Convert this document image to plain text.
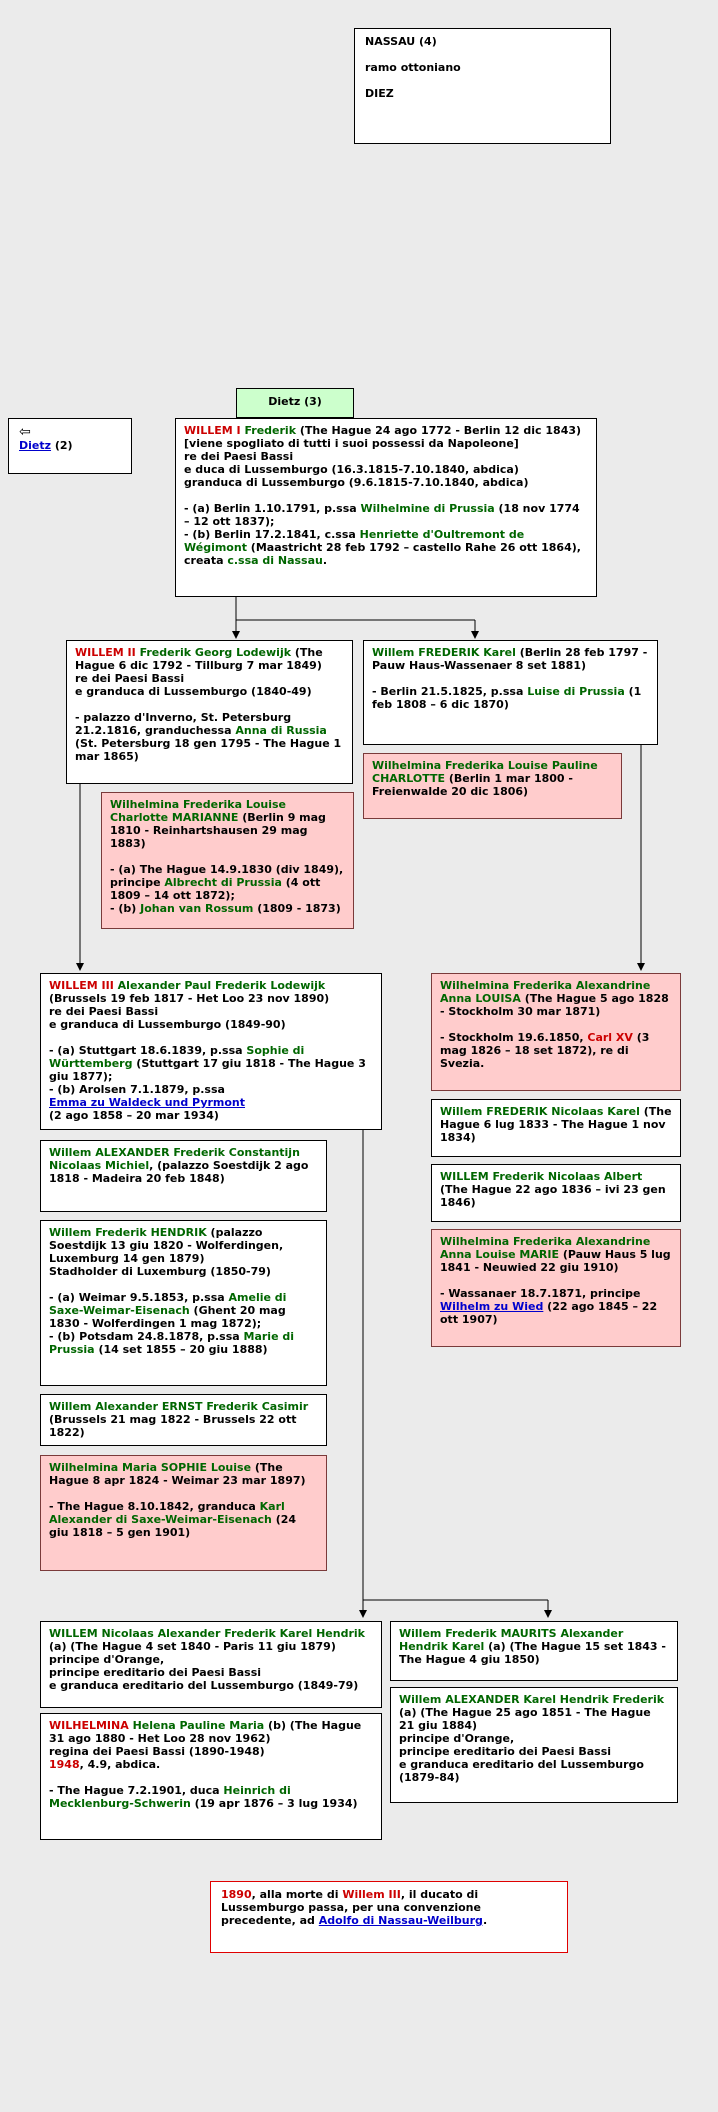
NASSAU (4)
ramo ottoniano
DIEZ
Dietz (3)
⇦
Dietz (2)
WILLEM I Frederik (The Hague 24 ago 1772 - Berlin 12 dic 1843)
[viene spogliato di tutti i suoi possessi da Napoleone]
re dei Paesi Bassi
e duca di Lussemburgo (16.3.1815-7.10.1840, abdica)
granduca di Lussemburgo (9.6.1815-7.10.1840, abdica)
- (a) Berlin 1.10.1791, p.ssa Wilhelmine di Prussia (18 nov 1774 – 12 ott 1837);
- (b) Berlin 17.2.1841, c.ssa Henriette d'Oultremont de Wégimont (Maastricht 28 feb 1792 – castello Rahe 26 ott 1864), creata c.ssa di Nassau.
WILLEM II Frederik Georg Lodewijk (The Hague 6 dic 1792 - Tillburg 7 mar 1849)
re dei Paesi Bassi
e granduca di Lussemburgo (1840-49)
- palazzo d'Inverno, St. Petersburg 21.2.1816, granduchessa Anna di Russia (St. Petersburg 18 gen 1795 - The Hague 1 mar 1865)
Willem FREDERIK Karel (Berlin 28 feb 1797 - Pauw Haus-Wassenaer 8 set 1881)
- Berlin 21.5.1825, p.ssa Luise di Prussia (1 feb 1808 – 6 dic 1870)
Wilhelmina Frederika Louise Pauline CHARLOTTE (Berlin 1 mar 1800 - Freienwalde 20 dic 1806)
Wilhelmina Frederika Louise Charlotte MARIANNE (Berlin 9 mag 1810 - Reinhartshausen 29 mag 1883)
- (a) The Hague 14.9.1830 (div 1849), principe Albrecht di Prussia (4 ott 1809 – 14 ott 1872);
- (b) Johan van Rossum (1809 - 1873)
WILLEM III Alexander Paul Frederik Lodewijk
(Brussels 19 feb 1817 - Het Loo 23 nov 1890)
re dei Paesi Bassi
e granduca di Lussemburgo (1849-90)
- (a) Stuttgart 18.6.1839, p.ssa Sophie di Württemberg (Stuttgart 17 giu 1818 - The Hague 3 giu 1877);
- (b) Arolsen 7.1.1879, p.ssa
Emma zu Waldeck und Pyrmont
(2 ago 1858 – 20 mar 1934)
Wilhelmina Frederika Alexandrine Anna LOUISA (The Hague 5 ago 1828 - Stockholm 30 mar 1871)
- Stockholm 19.6.1850, Carl XV (3 mag 1826 – 18 set 1872), re di Svezia.
Willem FREDERIK Nicolaas Karel (The Hague 6 lug 1833 - The Hague 1 nov 1834)
WILLEM Frederik Nicolaas Albert (The Hague 22 ago 1836 – ivi 23 gen 1846)
Wilhelmina Frederika Alexandrine Anna Louise MARIE (Pauw Haus 5 lug 1841 - Neuwied 22 giu 1910)
- Wassanaer 18.7.1871, principe Wilhelm zu Wied (22 ago 1845 – 22 ott 1907)
Willem ALEXANDER Frederik Constantijn Nicolaas Michiel, (palazzo Soestdijk 2 ago 1818 - Madeira 20 feb 1848)
Willem Frederik HENDRIK (palazzo Soestdijk 13 giu 1820 - Wolferdingen, Luxemburg 14 gen 1879)
Stadholder di Luxemburg (1850-79)
- (a) Weimar 9.5.1853, p.ssa Amelie di Saxe-Weimar-Eisenach (Ghent 20 mag 1830 - Wolferdingen 1 mag 1872);
- (b) Potsdam 24.8.1878, p.ssa Marie di Prussia (14 set 1855 – 20 giu 1888)
Willem Alexander ERNST Frederik Casimir (Brussels 21 mag 1822 - Brussels 22 ott 1822)
Wilhelmina Maria SOPHIE Louise (The Hague 8 apr 1824 - Weimar 23 mar 1897)
- The Hague 8.10.1842, granduca Karl Alexander di Saxe-Weimar-Eisenach (24 giu 1818 – 5 gen 1901)
WILLEM Nicolaas Alexander Frederik Karel Hendrik
(a) (The Hague 4 set 1840 - Paris 11 giu 1879)
principe d'Orange,
principe ereditario dei Paesi Bassi
e granduca ereditario del Lussemburgo (1849-79)
Willem Frederik MAURITS Alexander Hendrik Karel (a) (The Hague 15 set 1843 - The Hague 4 giu 1850)
Willem ALEXANDER Karel Hendrik Frederik
(a) (The Hague 25 ago 1851 - The Hague 21 giu 1884)
principe d'Orange,
principe ereditario dei Paesi Bassi
e granduca ereditario del Lussemburgo (1879-84)
WILHELMINA Helena Pauline Maria (b) (The Hague 31 ago 1880 - Het Loo 28 nov 1962)
regina dei Paesi Bassi (1890-1948)
1948, 4.9, abdica.
- The Hague 7.2.1901, duca Heinrich di Mecklenburg-Schwerin (19 apr 1876 – 3 lug 1934)
1890, alla morte di Willem III, il ducato di Lussemburgo passa, per una convenzione precedente, ad Adolfo di Nassau-Weilburg.
